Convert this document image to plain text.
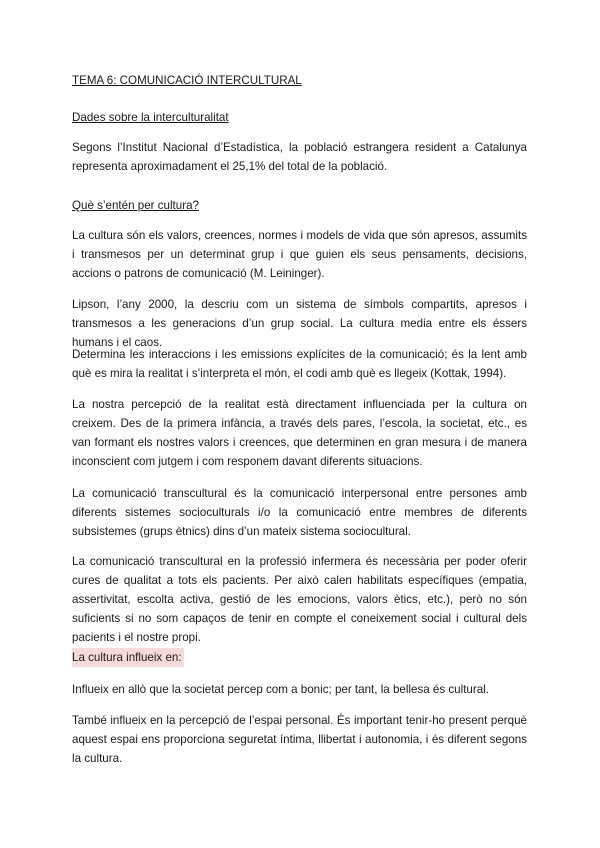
TEMA 6: COMUNICACIÓ INTERCULTURAL
Dades sobre la interculturalitat

Segons l’Institut Nacional d’Estadística, la població estrangera resident a Catalunya representa aproximadament el 25,1% del total de la població.

Què s’entén per cultura?

La cultura són els valors, creences, normes i models de vida que són apresos, assumits i transmesos per un determinat grup i que guien els seus pensaments, decisions, accions o patrons de comunicació (M. Leininger).

Lipson, l’any 2000, la descriu com un sistema de símbols compartits, apresos i transmesos a les generacions d’un grup social. La cultura media entre els éssers humans i el caos.

Determina les interaccions i les emissions explícites de la comunicació; és la lent amb què es mira la realitat i s’interpreta el món, el codi amb què es llegeix (Kottak, 1994).

La nostra percepció de la realitat està directament influenciada per la cultura on creixem. Des de la primera infància, a través dels pares, l’escola, la societat, etc., es van formant els nostres valors i creences, que determinen en gran mesura i de manera inconscient com jutgem i com responem davant diferents situacions.

La comunicació transcultural és la comunicació interpersonal entre persones amb diferents sistemes socioculturals i/o la comunicació entre membres de diferents subsistemes (grups ètnics) dins d’un mateix sistema sociocultural.

La comunicació transcultural en la professió infermera és necessària per poder oferir cures de qualitat a tots els pacients. Per això calen habilitats específiques (empatia, assertivitat, escolta activa, gestió de les emocions, valors ètics, etc.), però no són suficients si no som capaços de tenir en compte el coneixement social i cultural dels pacients i el nostre propi.

La cultura influeix en:

Influeix en allò que la societat percep com a bonic; per tant, la bellesa és cultural.

També influeix en la percepció de l’espai personal. És important tenir-ho present perquè aquest espai ens proporciona seguretat íntima, llibertat i autonomia, i és diferent segons la cultura.
